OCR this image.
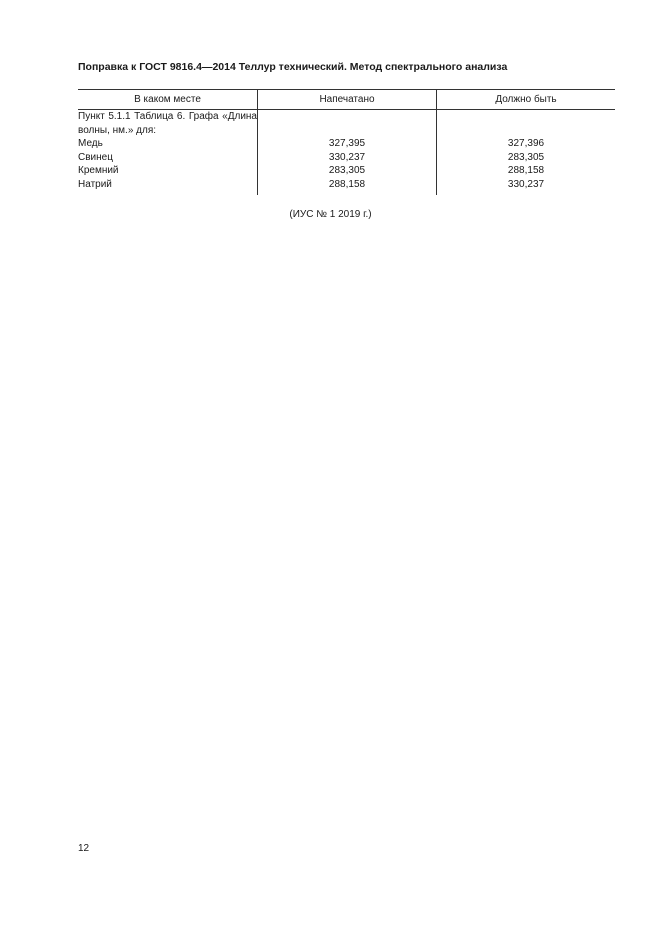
Поправка к ГОСТ 9816.4—2014 Теллур технический. Метод спектрального анализа
В каком месте	Напечатано	Должно быть
Пункт 5.1.1 Таблица 6. Графа «Длина волны, нм.» для:		
Медь	327,395	327,396
Свинец	330,237	283,305
Кремний	283,305	288,158
Натрий	288,158	330,237

(ИУС № 1 2019 г.)
12
